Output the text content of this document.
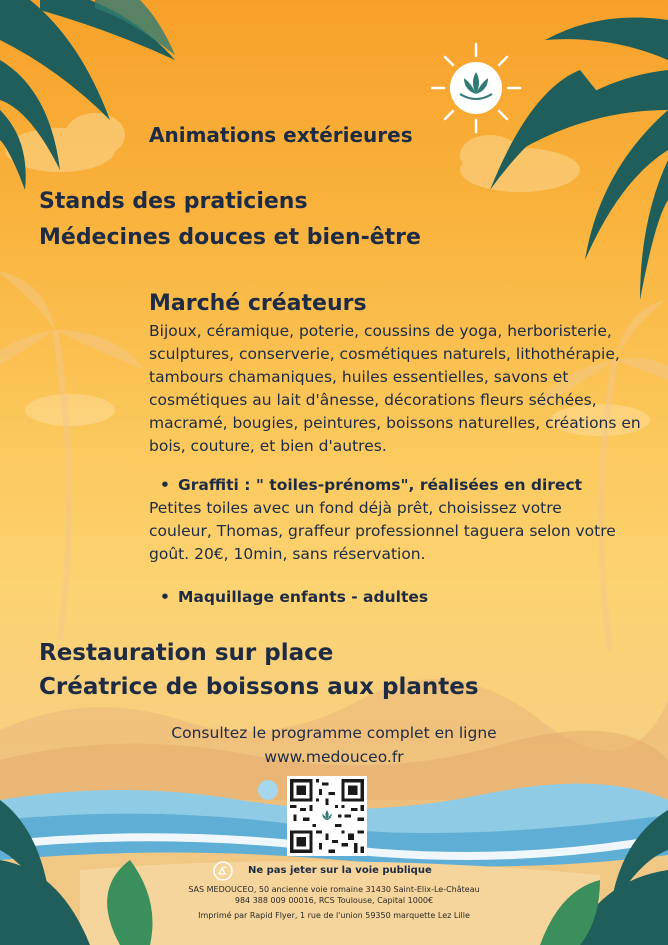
Animations extérieures
Stands des praticiens
Médecines douces et bien-être
Marché créateurs

Bijoux, céramique, poterie, coussins de yoga, herboristerie, sculptures, conserverie, cosmétiques naturels, lithothérapie, tambours chamaniques, huiles essentielles, savons et cosmétiques au lait d'ânesse, décorations fleurs séchées, macramé, bougies, peintures, boissons naturelles, créations en bois, couture, et bien d'autres.

• Graffiti : " toiles-prénoms", réalisées en direct

Petites toiles avec un fond déjà prêt, choisissez votre couleur, Thomas, graffeur professionnel taguera selon votre goût. 20€, 10min, sans réservation.

• Maquillage enfants - adultes
Restauration sur place
Créatrice de boissons aux plantes
Consultez le programme complet en ligne
www.medouceo.fr
Ne pas jeter sur la voie publique
SAS MEDOUCEO, 50 ancienne voie romaine 31430 Saint-Elix-Le-Château
984 388 009 00016, RCS Toulouse, Capital 1000€
Imprimé par Rapid Flyer, 1 rue de l'union 59350 marquette Lez Lille
